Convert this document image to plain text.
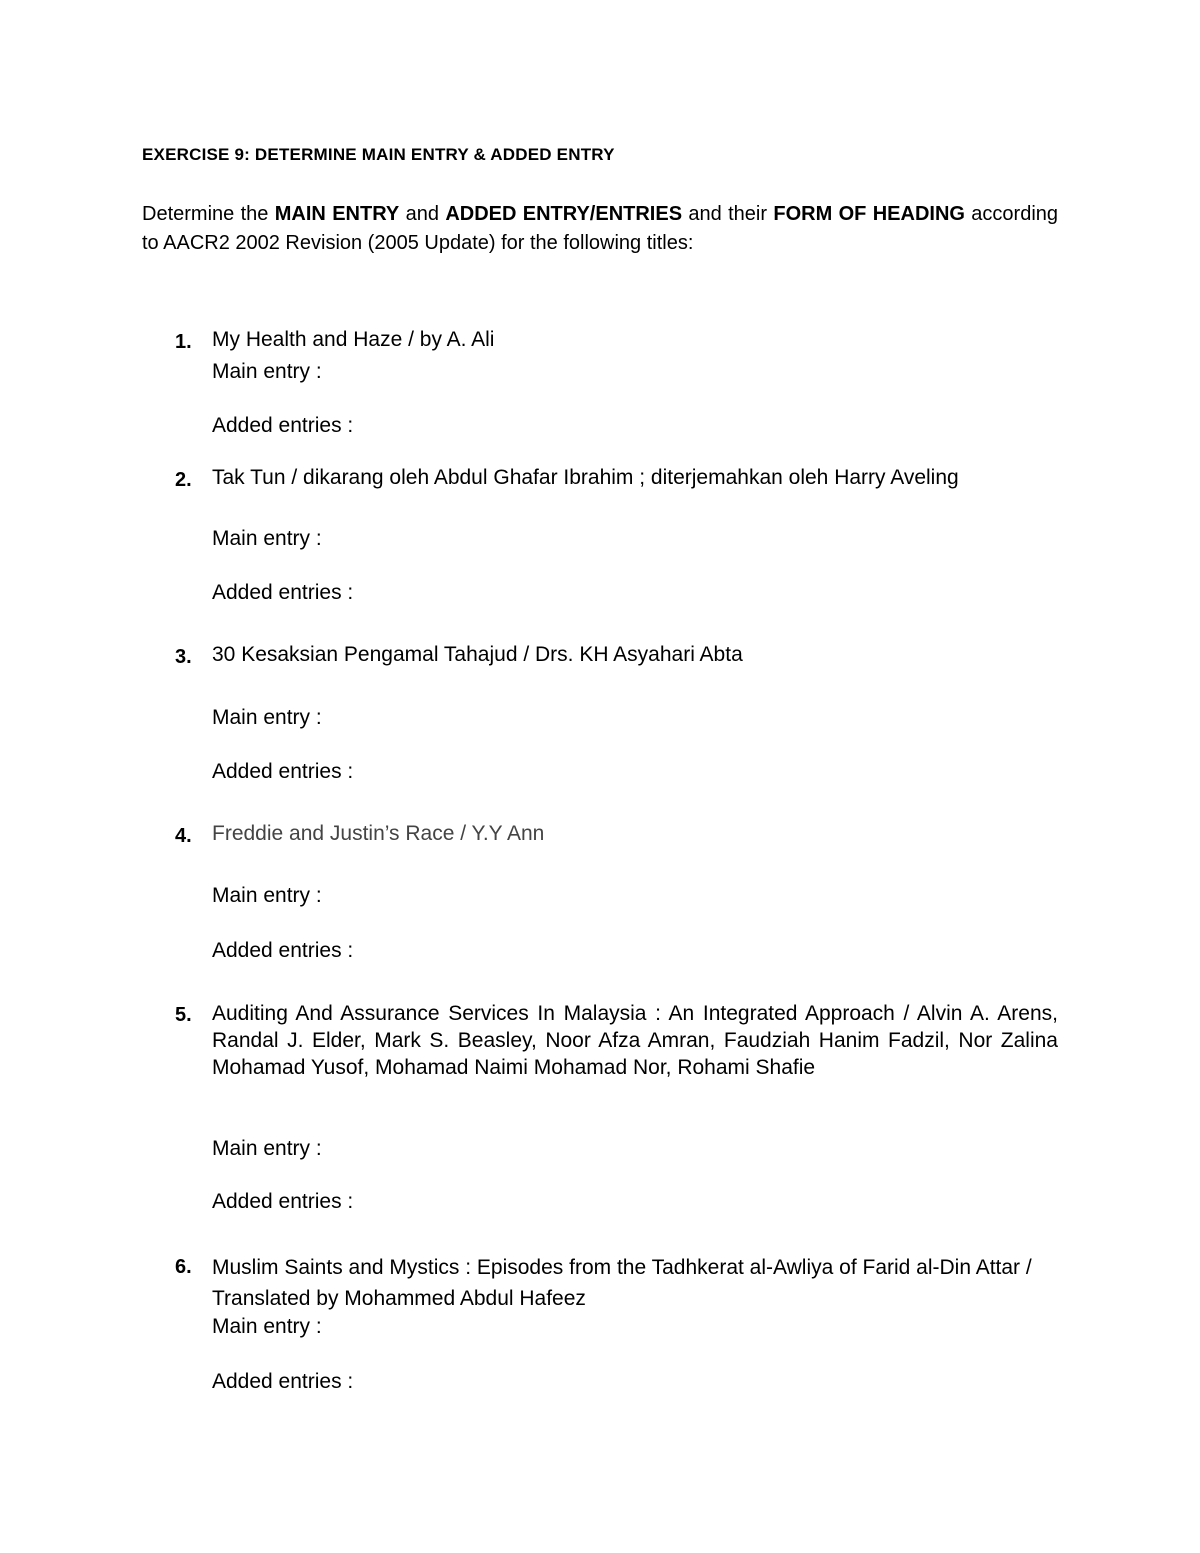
EXERCISE 9: DETERMINE MAIN ENTRY & ADDED ENTRY
Determine the MAIN ENTRY and ADDED ENTRY/ENTRIES and their FORM OF HEADING according to AACR2 2002 Revision (2005 Update) for the following titles:
1. My Health and Haze / by A. Ali
Main entry :
Added entries :
2. Tak Tun / dikarang oleh Abdul Ghafar Ibrahim ; diterjemahkan oleh Harry Aveling
Main entry :
Added entries :
3. 30 Kesaksian Pengamal Tahajud / Drs. KH Asyahari Abta
Main entry :
Added entries :
4. Freddie and Justin’s Race / Y.Y Ann
Main entry :
Added entries :
5. Auditing And Assurance Services In Malaysia : An Integrated Approach / Alvin A. Arens, Randal J. Elder, Mark S. Beasley, Noor Afza Amran, Faudziah Hanim Fadzil, Nor Zalina Mohamad Yusof, Mohamad Naimi Mohamad Nor, Rohami Shafie
Main entry :
Added entries :
6. Muslim Saints and Mystics : Episodes from the Tadhkerat al-Awliya of Farid al-Din Attar / Translated by Mohammed Abdul Hafeez
Main entry :
Added entries :
